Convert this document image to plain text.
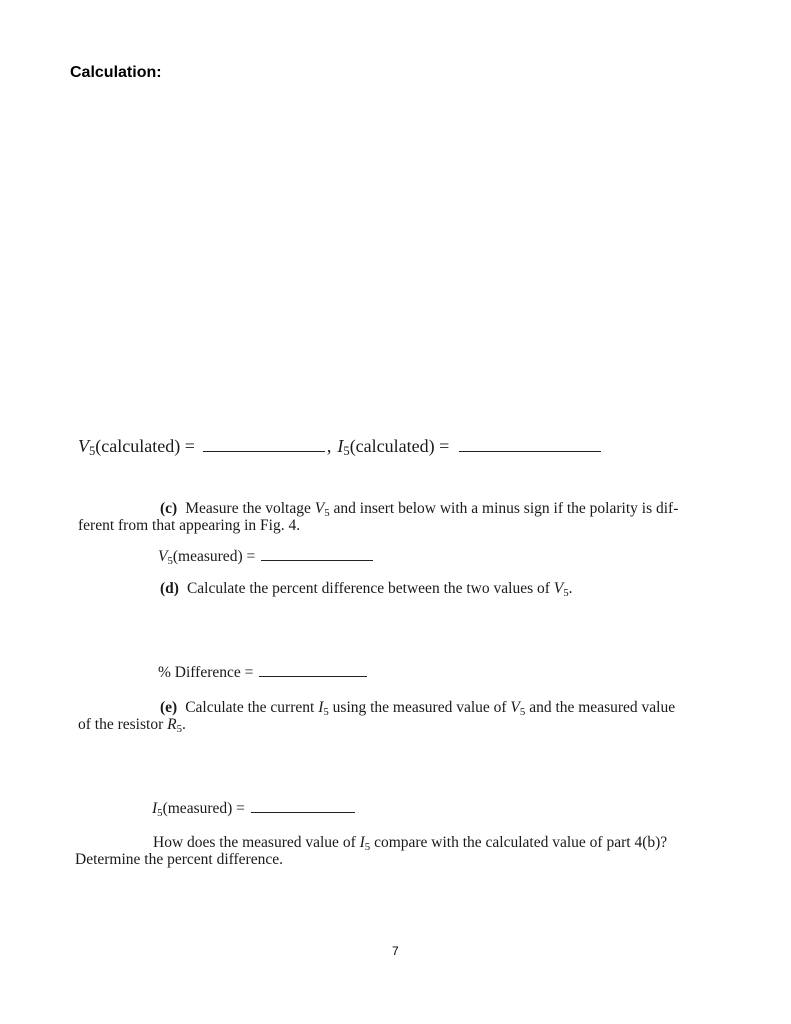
Calculation:
$V_5(calculated)$ =	, $I_5(calculated)$ =
(c) Measure the voltage $V_5$ and insert below with a minus sign if the polarity is dif-
ferent from that appearing in Fig. 4.
$V_5(measured)$ =
(d) Calculate the percent difference between the two values of $V_5$.
% Difference =
(e) Calculate the current $I_5$ using the measured value of $V_5$ and the measured value
of the resistor $R_5$.
$I_5(measured)$ =
How does the measured value of $I_5$ compare with the calculated value of part 4(b)?
Determine the percent difference.
7
